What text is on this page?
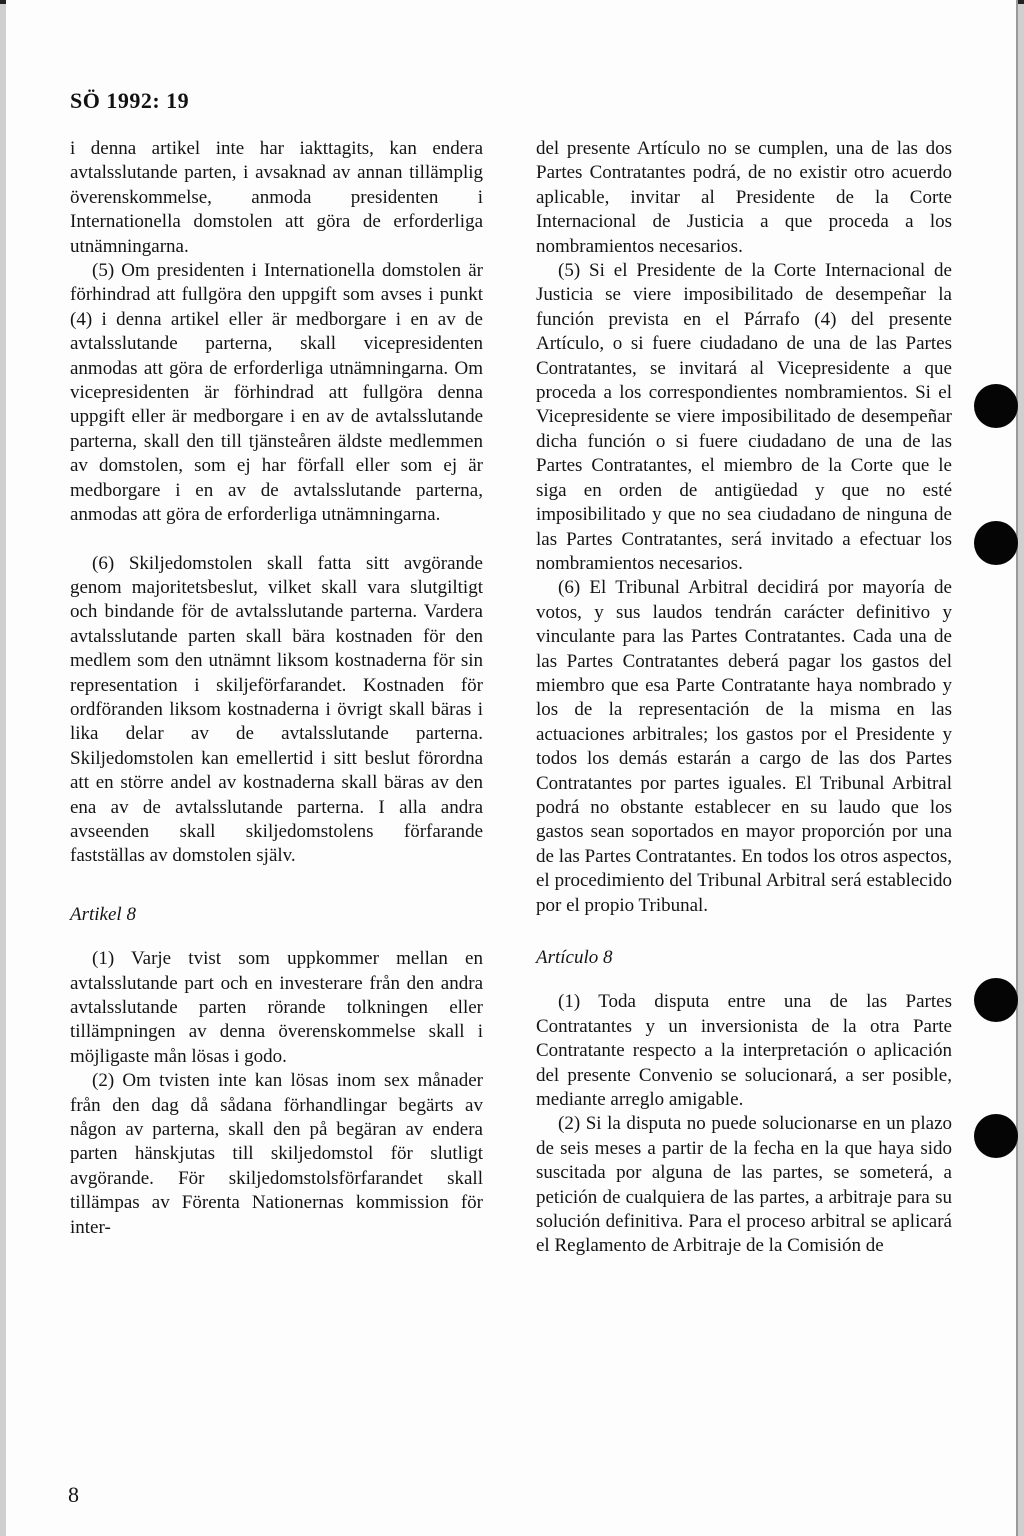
SÖ 1992: 19

i denna artikel inte har iakttagits, kan endera avtalsslutande parten, i avsaknad av annan tillämplig överenskommelse, anmoda presidenten i Internationella domstolen att göra de erforderliga utnämningarna.

(5) Om presidenten i Internationella domstolen är förhindrad att fullgöra den uppgift som avses i punkt (4) i denna artikel eller är medborgare i en av de avtalsslutande parterna, skall vicepresidenten anmodas att göra de erforderliga utnämningarna. Om vicepresidenten är förhindrad att fullgöra denna uppgift eller är medborgare i en av de avtalsslutande parterna, skall den till tjänsteåren äldste medlemmen av domstolen, som ej har förfall eller som ej är medborgare i en av de avtalsslutande parterna, anmodas att göra de erforderliga utnämningarna.

(6) Skiljedomstolen skall fatta sitt avgörande genom majoritetsbeslut, vilket skall vara slutgiltigt och bindande för de avtalsslutande parterna. Vardera avtalsslutande parten skall bära kostnaden för den medlem som den utnämnt liksom kostnaderna för sin representation i skiljeförfarandet. Kostnaden för ordföranden liksom kostnaderna i övrigt skall bäras i lika delar av de avtalsslutande parterna. Skiljedomstolen kan emellertid i sitt beslut förordna att en större andel av kostnaderna skall bäras av den ena av de avtalsslutande parterna. I alla andra avseenden skall skiljedomstolens förfarande fastställas av domstolen själv.

Artikel 8

(1) Varje tvist som uppkommer mellan en avtalsslutande part och en investerare från den andra avtalsslutande parten rörande tolkningen eller tillämpningen av denna överenskommelse skall i möjligaste mån lösas i godo.

(2) Om tvisten inte kan lösas inom sex månader från den dag då sådana förhandlingar begärts av någon av parterna, skall den på begäran av endera parten hänskjutas till skiljedomstol för slutligt avgörande. För skiljedomstolsförfarandet skall tillämpas av Förenta Nationernas kommission för inter-

del presente Artículo no se cumplen, una de las dos Partes Contratantes podrá, de no existir otro acuerdo aplicable, invitar al Presidente de la Corte Internacional de Justicia a que proceda a los nombramientos necesarios.

(5) Si el Presidente de la Corte Internacional de Justicia se viere imposibilitado de desempeñar la función prevista en el Párrafo (4) del presente Artículo, o si fuere ciudadano de una de las Partes Contratantes, se invitará al Vicepresidente a que proceda a los correspondientes nombramientos. Si el Vicepresidente se viere imposibilitado de desempeñar dicha función o si fuere ciudadano de una de las Partes Contratantes, el miembro de la Corte que le siga en orden de antigüedad y que no esté imposibilitado y que no sea ciudadano de ninguna de las Partes Contratantes, será invitado a efectuar los nombramientos necesarios.

(6) El Tribunal Arbitral decidirá por mayoría de votos, y sus laudos tendrán carácter definitivo y vinculante para las Partes Contratantes. Cada una de las Partes Contratantes deberá pagar los gastos del miembro que esa Parte Contratante haya nombrado y los de la representación de la misma en las actuaciones arbitrales; los gastos por el Presidente y todos los demás estarán a cargo de las dos Partes Contratantes por partes iguales. El Tribunal Arbitral podrá no obstante establecer en su laudo que los gastos sean soportados en mayor proporción por una de las Partes Contratantes. En todos los otros aspectos, el procedimiento del Tribunal Arbitral será establecido por el propio Tribunal.

Artículo 8

(1) Toda disputa entre una de las Partes Contratantes y un inversionista de la otra Parte Contratante respecto a la interpretación o aplicación del presente Convenio se solucionará, a ser posible, mediante arreglo amigable.

(2) Si la disputa no puede solucionarse en un plazo de seis meses a partir de la fecha en la que haya sido suscitada por alguna de las partes, se someterá, a petición de cualquiera de las partes, a arbitraje para su solución definitiva. Para el proceso arbitral se aplicará el Reglamento de Arbitraje de la Comisión de

8
